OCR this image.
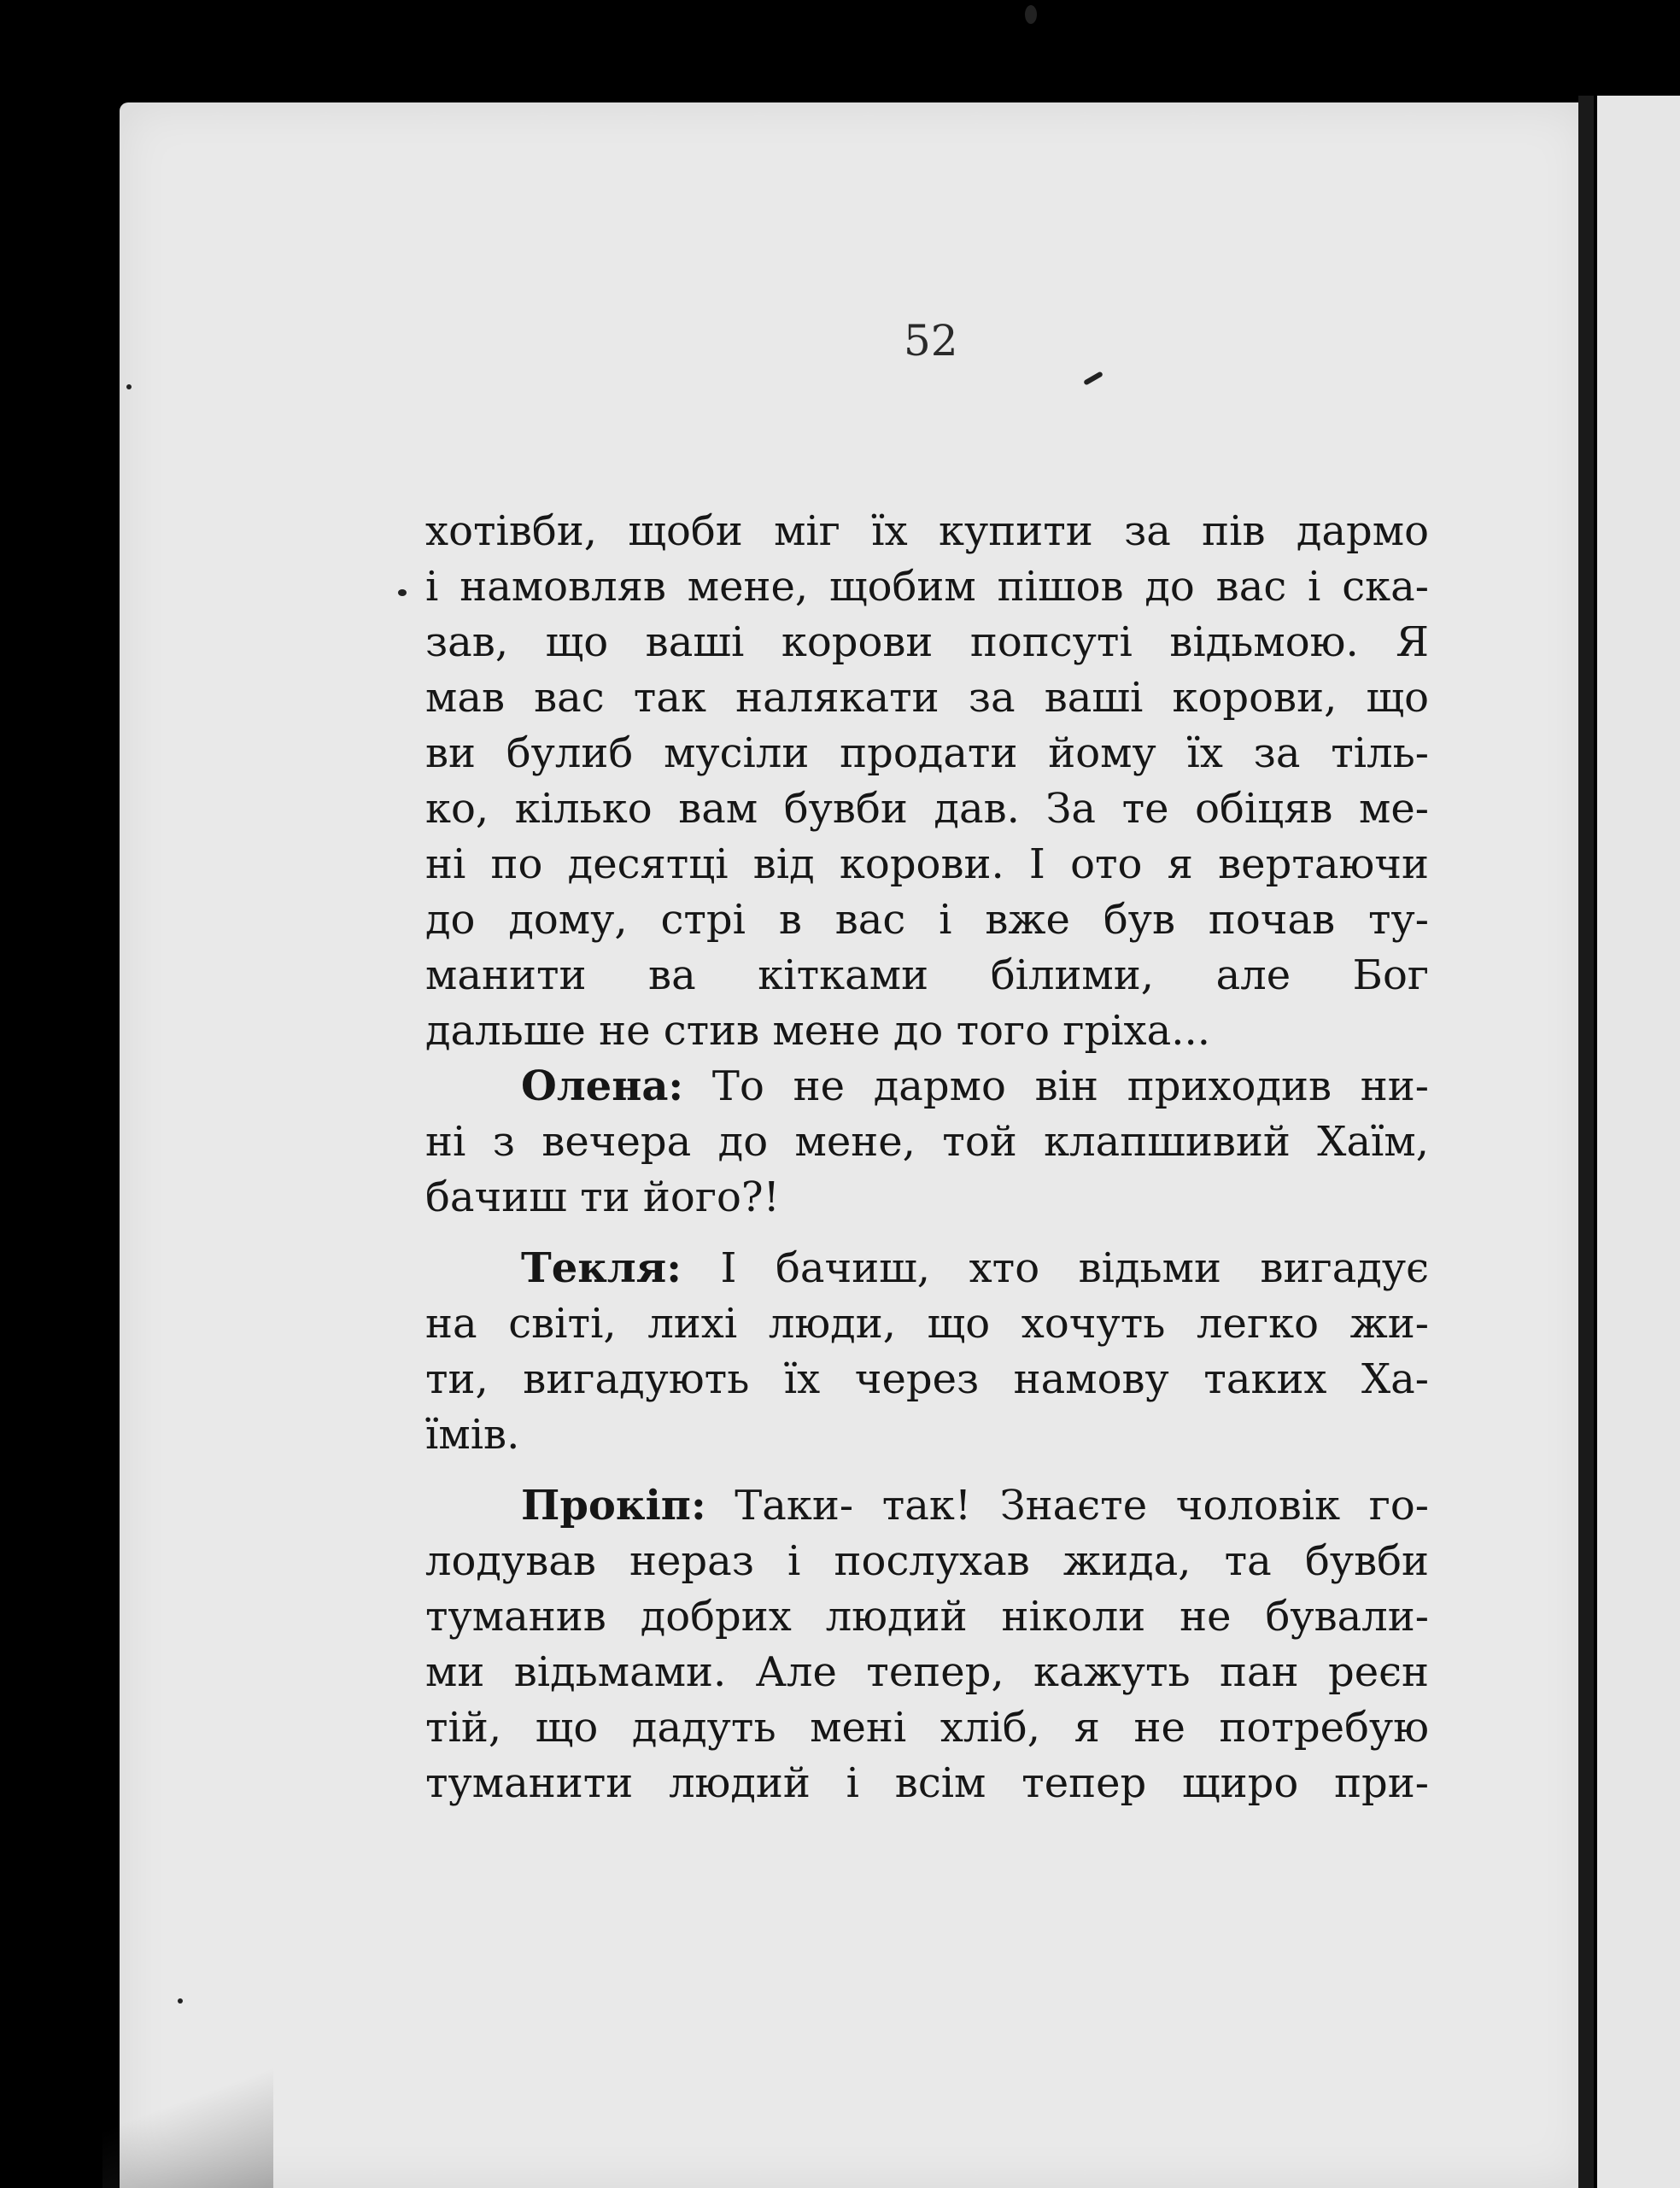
52
хотівби, щоби міг їх купити за пів дармо
і намовляв мене, щобим пішов до вас і ска-
зав, що ваші корови попсуті відьмою. Я
мав вас так налякати за ваші корови, що
ви булиб мусіли продати йому їх за тіль-
ко, кілько вам бувби дав. За те обіцяв ме-
ні по десятці від корови. І ото я вертаючи
до дому, стрі в вас і вже був почав ту-
манити ва кітками білими, але Бог
дальше не стив мене до того гріха...
Олена: То не дармо він приходив ни-
ні з вечера до мене, той клапшивий Хаїм,
бачиш ти його?!
Текля: І бачиш, хто відьми вигадує
на світі, лихі люди, що хочуть легко жи-
ти, вигадують їх через намову таких Ха-
їмів.
Прокіп: Таки- так! Знаєте чоловік го-
лодував нераз і послухав жида, та бувби
туманив добрих людий ніколи не бували-
ми відьмами. Але тепер, кажуть пан реєн
тій, що дадуть мені хліб, я не потребую
туманити людий і всім тепер щиро при-
